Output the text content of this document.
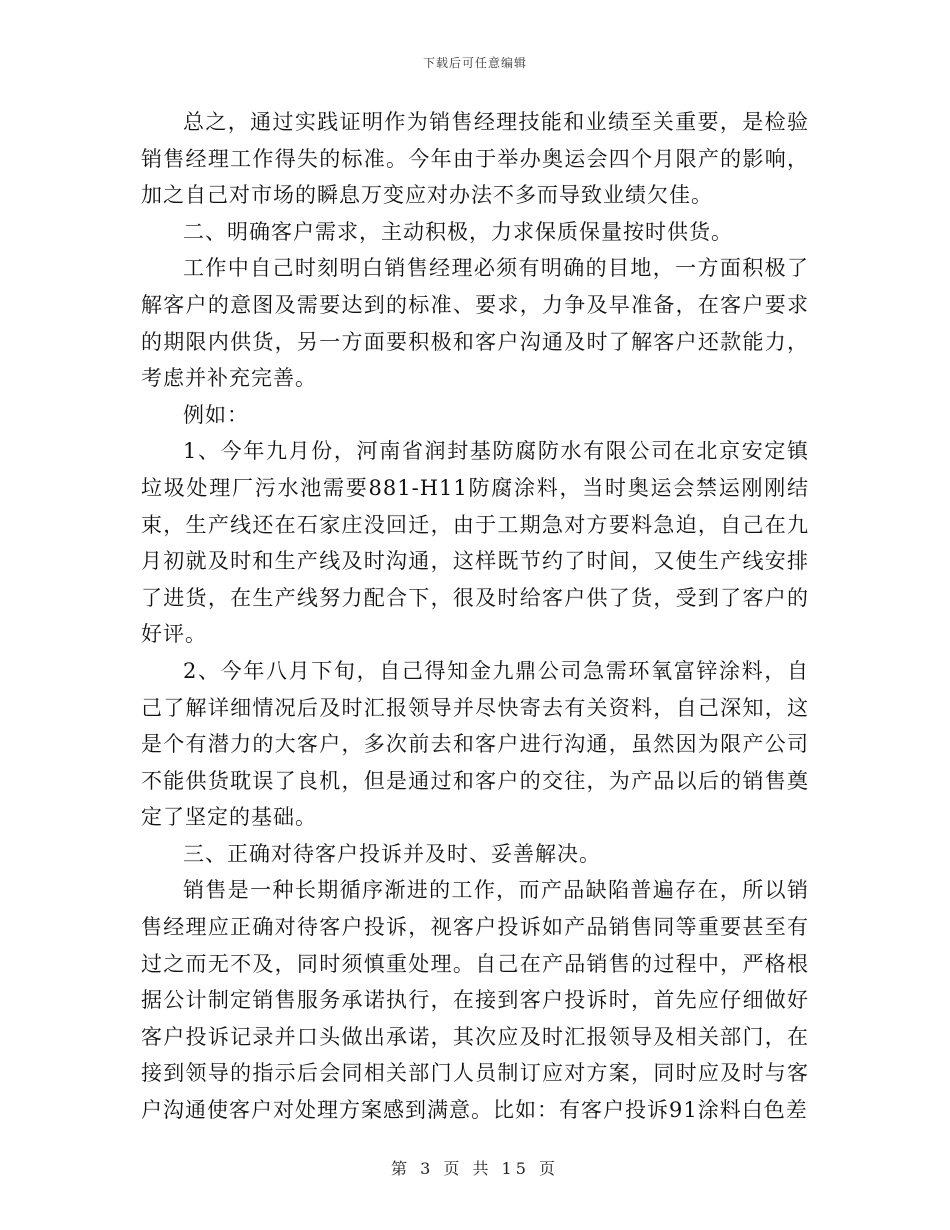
下载后可任意编辑

总之，通过实践证明作为销售经理技能和业绩至关重要，是检验销售经理工作得失的标准。今年由于举办奥运会四个月限产的影响，加之自己对市场的瞬息万变应对办法不多而导致业绩欠佳。

二、明确客户需求，主动积极，力求保质保量按时供货。

工作中自己时刻明白销售经理必须有明确的目地，一方面积极了解客户的意图及需要达到的标准、要求，力争及早准备，在客户要求的期限内供货，另一方面要积极和客户沟通及时了解客户还款能力，考虑并补充完善。

例如：

1、今年九月份，河南省润封基防腐防水有限公司在北京安定镇垃圾处理厂污水池需要881-H11防腐涂料，当时奥运会禁运刚刚结束，生产线还在石家庄没回迁，由于工期急对方要料急迫，自己在九月初就及时和生产线及时沟通，这样既节约了时间，又使生产线安排了进货，在生产线努力配合下，很及时给客户供了货，受到了客户的好评。

2、今年八月下旬，自己得知金九鼎公司急需环氧富锌涂料，自己了解详细情况后及时汇报领导并尽快寄去有关资料，自己深知，这是个有潜力的大客户，多次前去和客户进行沟通，虽然因为限产公司不能供货耽误了良机，但是通过和客户的交往，为产品以后的销售奠定了坚定的基础。

三、正确对待客户投诉并及时、妥善解决。

销售是一种长期循序渐进的工作，而产品缺陷普遍存在，所以销售经理应正确对待客户投诉，视客户投诉如产品销售同等重要甚至有过之而无不及，同时须慎重处理。自己在产品销售的过程中，严格根据公计制定销售服务承诺执行，在接到客户投诉时，首先应仔细做好客户投诉记录并口头做出承诺，其次应及时汇报领导及相关部门，在接到领导的指示后会同相关部门人员制订应对方案，同时应及时与客户沟通使客户对处理方案感到满意。比如：有客户投诉91涂料白色差

第 3 页 共 15 页
